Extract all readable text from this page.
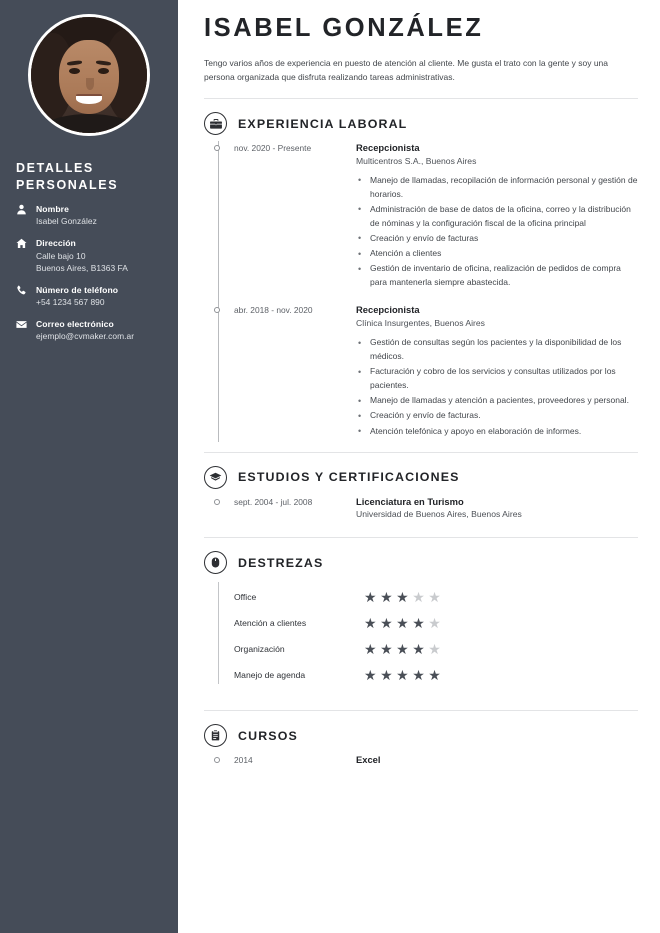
DETALLES PERSONALES
Nombre
Isabel González
Dirección
Calle bajo 10
Buenos Aires, B1363 FA
Número de teléfono
+54 1234 567 890
Correo electrónico
ejemplo@cvmaker.com.ar
ISABEL GONZÁLEZ

Tengo varios años de experiencia en puesto de atención al cliente. Me gusta el trato con la gente y soy una persona organizada que disfruta realizando tareas administrativas.

EXPERIENCIA LABORAL
nov. 2020 - Presente	Recepcionista
Multicentros S.A., Buenos Aires
• Manejo de llamadas, recopilación de información personal y gestión de horarios.
• Administración de base de datos de la oficina, correo y la distribución de nóminas y la configuración fiscal de la oficina principal
• Creación y envío de facturas
• Atención a clientes
• Gestión de inventario de oficina, realización de pedidos de compra para mantenerla siempre abastecida.
abr. 2018 - nov. 2020	Recepcionista
Clínica Insurgentes, Buenos Aires
• Gestión de consultas según los pacientes y la disponibilidad de los médicos.
• Facturación y cobro de los servicios y consultas utilizados por los pacientes.
• Manejo de llamadas y atención a pacientes, proveedores y personal.
• Creación y envío de facturas.
• Atención telefónica y apoyo en elaboración de informes.
ESTUDIOS Y CERTIFICACIONES
sept. 2004 - jul. 2008	Licenciatura en Turismo
Universidad de Buenos Aires, Buenos Aires
DESTREZAS
Office	★ ★ ★ ★ ★
Atención a clientes	★ ★ ★ ★ ★
Organización	★ ★ ★ ★ ★
Manejo de agenda	★ ★ ★ ★ ★
CURSOS
2014	Excel
